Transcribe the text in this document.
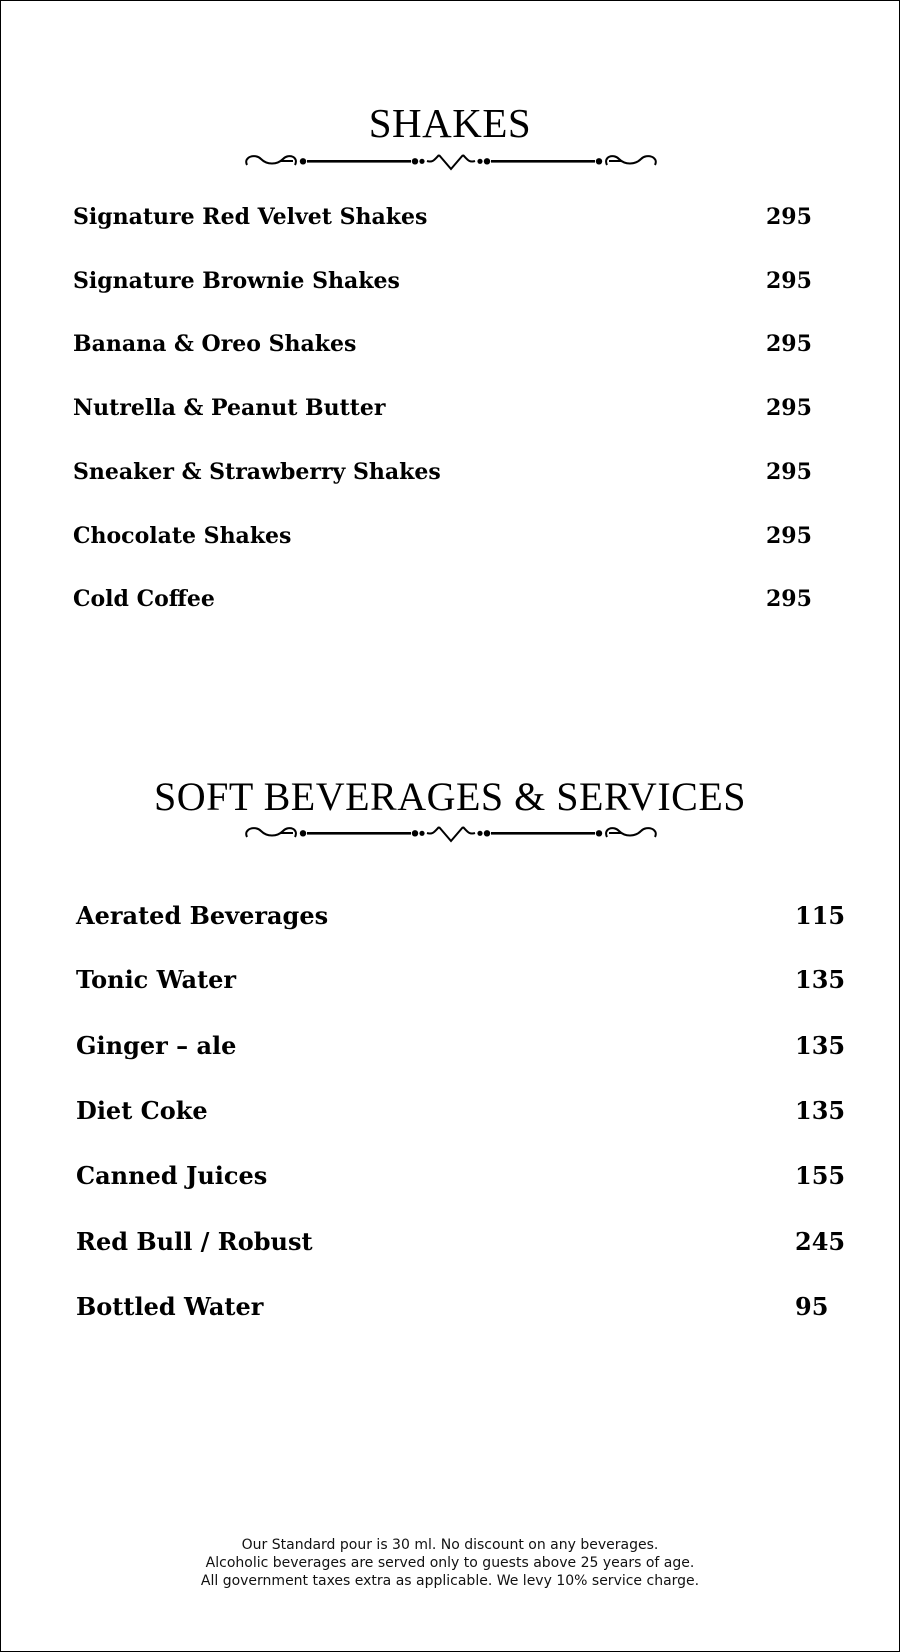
SHAKES
Signature Red Velvet Shakes	295
Signature Brownie Shakes	295
Banana & Oreo Shakes	295
Nutrella & Peanut Butter	295
Sneaker & Strawberry Shakes	295
Chocolate Shakes	295
Cold Coffee	295
SOFT BEVERAGES & SERVICES
Aerated Beverages	115
Tonic Water	135
Ginger – ale	135
Diet Coke	135
Canned Juices	155
Red Bull / Robust	245
Bottled Water	95
Our Standard pour is 30 ml. No discount on any beverages.
Alcoholic beverages are served only to guests above 25 years of age.
All government taxes extra as applicable. We levy 10% service charge.
